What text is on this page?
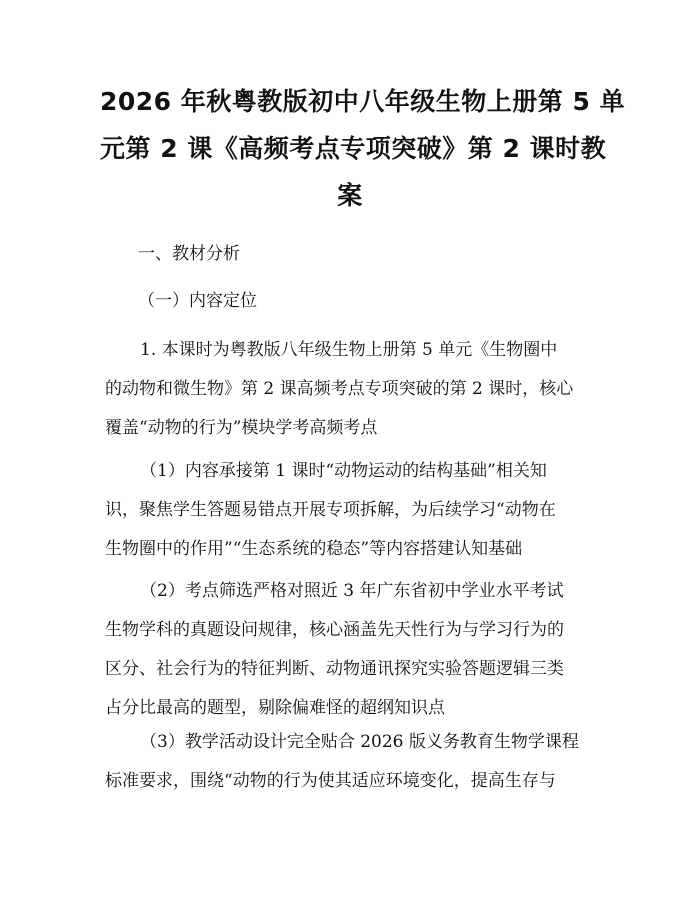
2026 年秋粤教版初中八年级生物上册第 5 单
元第 2 课《高频考点专项突破》第 2 课时教
案

一、教材分析

（一）内容定位

1. 本课时为粤教版八年级生物上册第 5 单元《生物圈中
的动物和微生物》第 2 课高频考点专项突破的第 2 课时，核心
覆盖“动物的行为”模块学考高频考点

（1）内容承接第 1 课时“动物运动的结构基础”相关知
识，聚焦学生答题易错点开展专项拆解，为后续学习“动物在
生物圈中的作用”“生态系统的稳态”等内容搭建认知基础

（2）考点筛选严格对照近 3 年广东省初中学业水平考试
生物学科的真题设问规律，核心涵盖先天性行为与学习行为的
区分、社会行为的特征判断、动物通讯探究实验答题逻辑三类
占分比最高的题型，剔除偏难怪的超纲知识点

（3）教学活动设计完全贴合 2026 版义务教育生物学课程
标准要求，围绕“动物的行为使其适应环境变化，提高生存与
